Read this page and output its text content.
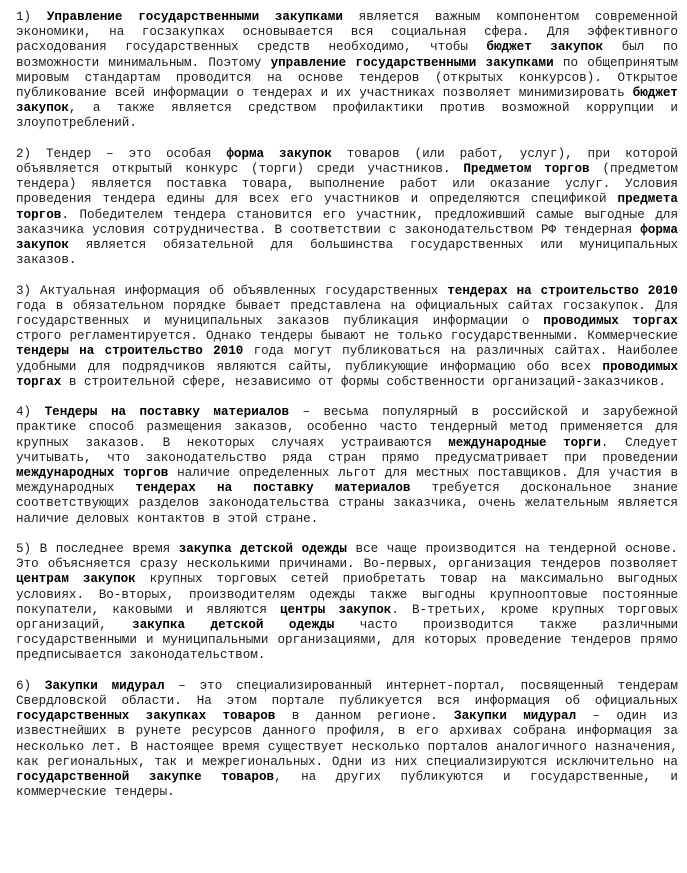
1) Управление государственными закупками является важным компонентом современной экономики, на госзакупках основывается вся социальная сфера. Для эффективного расходования государственных средств необходимо, чтобы бюджет закупок был по возможности минимальным. Поэтому управление государственными закупками по общепринятым мировым стандартам проводится на основе тендеров (открытых конкурсов). Открытое публикование всей информации о тендерах и их участниках позволяет минимизировать бюджет закупок, а также является средством профилактики против возможной коррупции и злоупотреблений.

2) Тендер – это особая форма закупок товаров (или работ, услуг), при которой объявляется открытый конкурс (торги) среди участников. Предметом торгов (предметом тендера) является поставка товара, выполнение работ или оказание услуг. Условия проведения тендера едины для всех его участников и определяются спецификой предмета торгов. Победителем тендера становится его участник, предложивший самые выгодные для заказчика условия сотрудничества. В соответствии с законодательством РФ тендерная форма закупок является обязательной для большинства государственных или муниципальных заказов.

3) Актуальная информация об объявленных государственных тендерах на строительство 2010 года в обязательном порядке бывает представлена на официальных сайтах госзакупок. Для государственных и муниципальных заказов публикация информации о проводимых торгах строго регламентируется. Однако тендеры бывают не только государственными. Коммерческие тендеры на строительство 2010 года могут публиковаться на различных сайтах. Наиболее удобными для подрядчиков являются сайты, публикующие информацию обо всех проводимых торгах в строительной сфере, независимо от формы собственности организаций-заказчиков.

4) Тендеры на поставку материалов – весьма популярный в российской и зарубежной практике способ размещения заказов, особенно часто тендерный метод применяется для крупных заказов. В некоторых случаях устраиваются международные торги. Следует учитывать, что законодательство ряда стран прямо предусматривает при проведении международных торгов наличие определенных льгот для местных поставщиков. Для участия в международных тендерах на поставку материалов требуется доскональное знание соответствующих разделов законодательства страны заказчика, очень желательным является наличие деловых контактов в этой стране.

5) В последнее время закупка детской одежды все чаще производится на тендерной основе. Это объясняется сразу несколькими причинами. Во-первых, организация тендеров позволяет центрам закупок крупных торговых сетей приобретать товар на максимально выгодных условиях. Во-вторых, производителям одежды также выгодны крупнооптовые постоянные покупатели, каковыми и являются центры закупок. В-третьих, кроме крупных торговых организаций, закупка детской одежды часто производится также различными государственными и муниципальными организациями, для которых проведение тендеров прямо предписывается законодательством.

6) Закупки мидурал – это специализированный интернет-портал, посвященный тендерам Свердловской области. На этом портале публикуется вся информация об официальных государственных закупках товаров в данном регионе. Закупки мидурал – один из известнейших в рунете ресурсов данного профиля, в его архивах собрана информация за несколько лет. В настоящее время существует несколько порталов аналогичного назначения, как региональных, так и межрегиональных. Одни из них специализируются исключительно на государственной закупке товаров, на других публикуются и государственные, и коммерческие тендеры.
